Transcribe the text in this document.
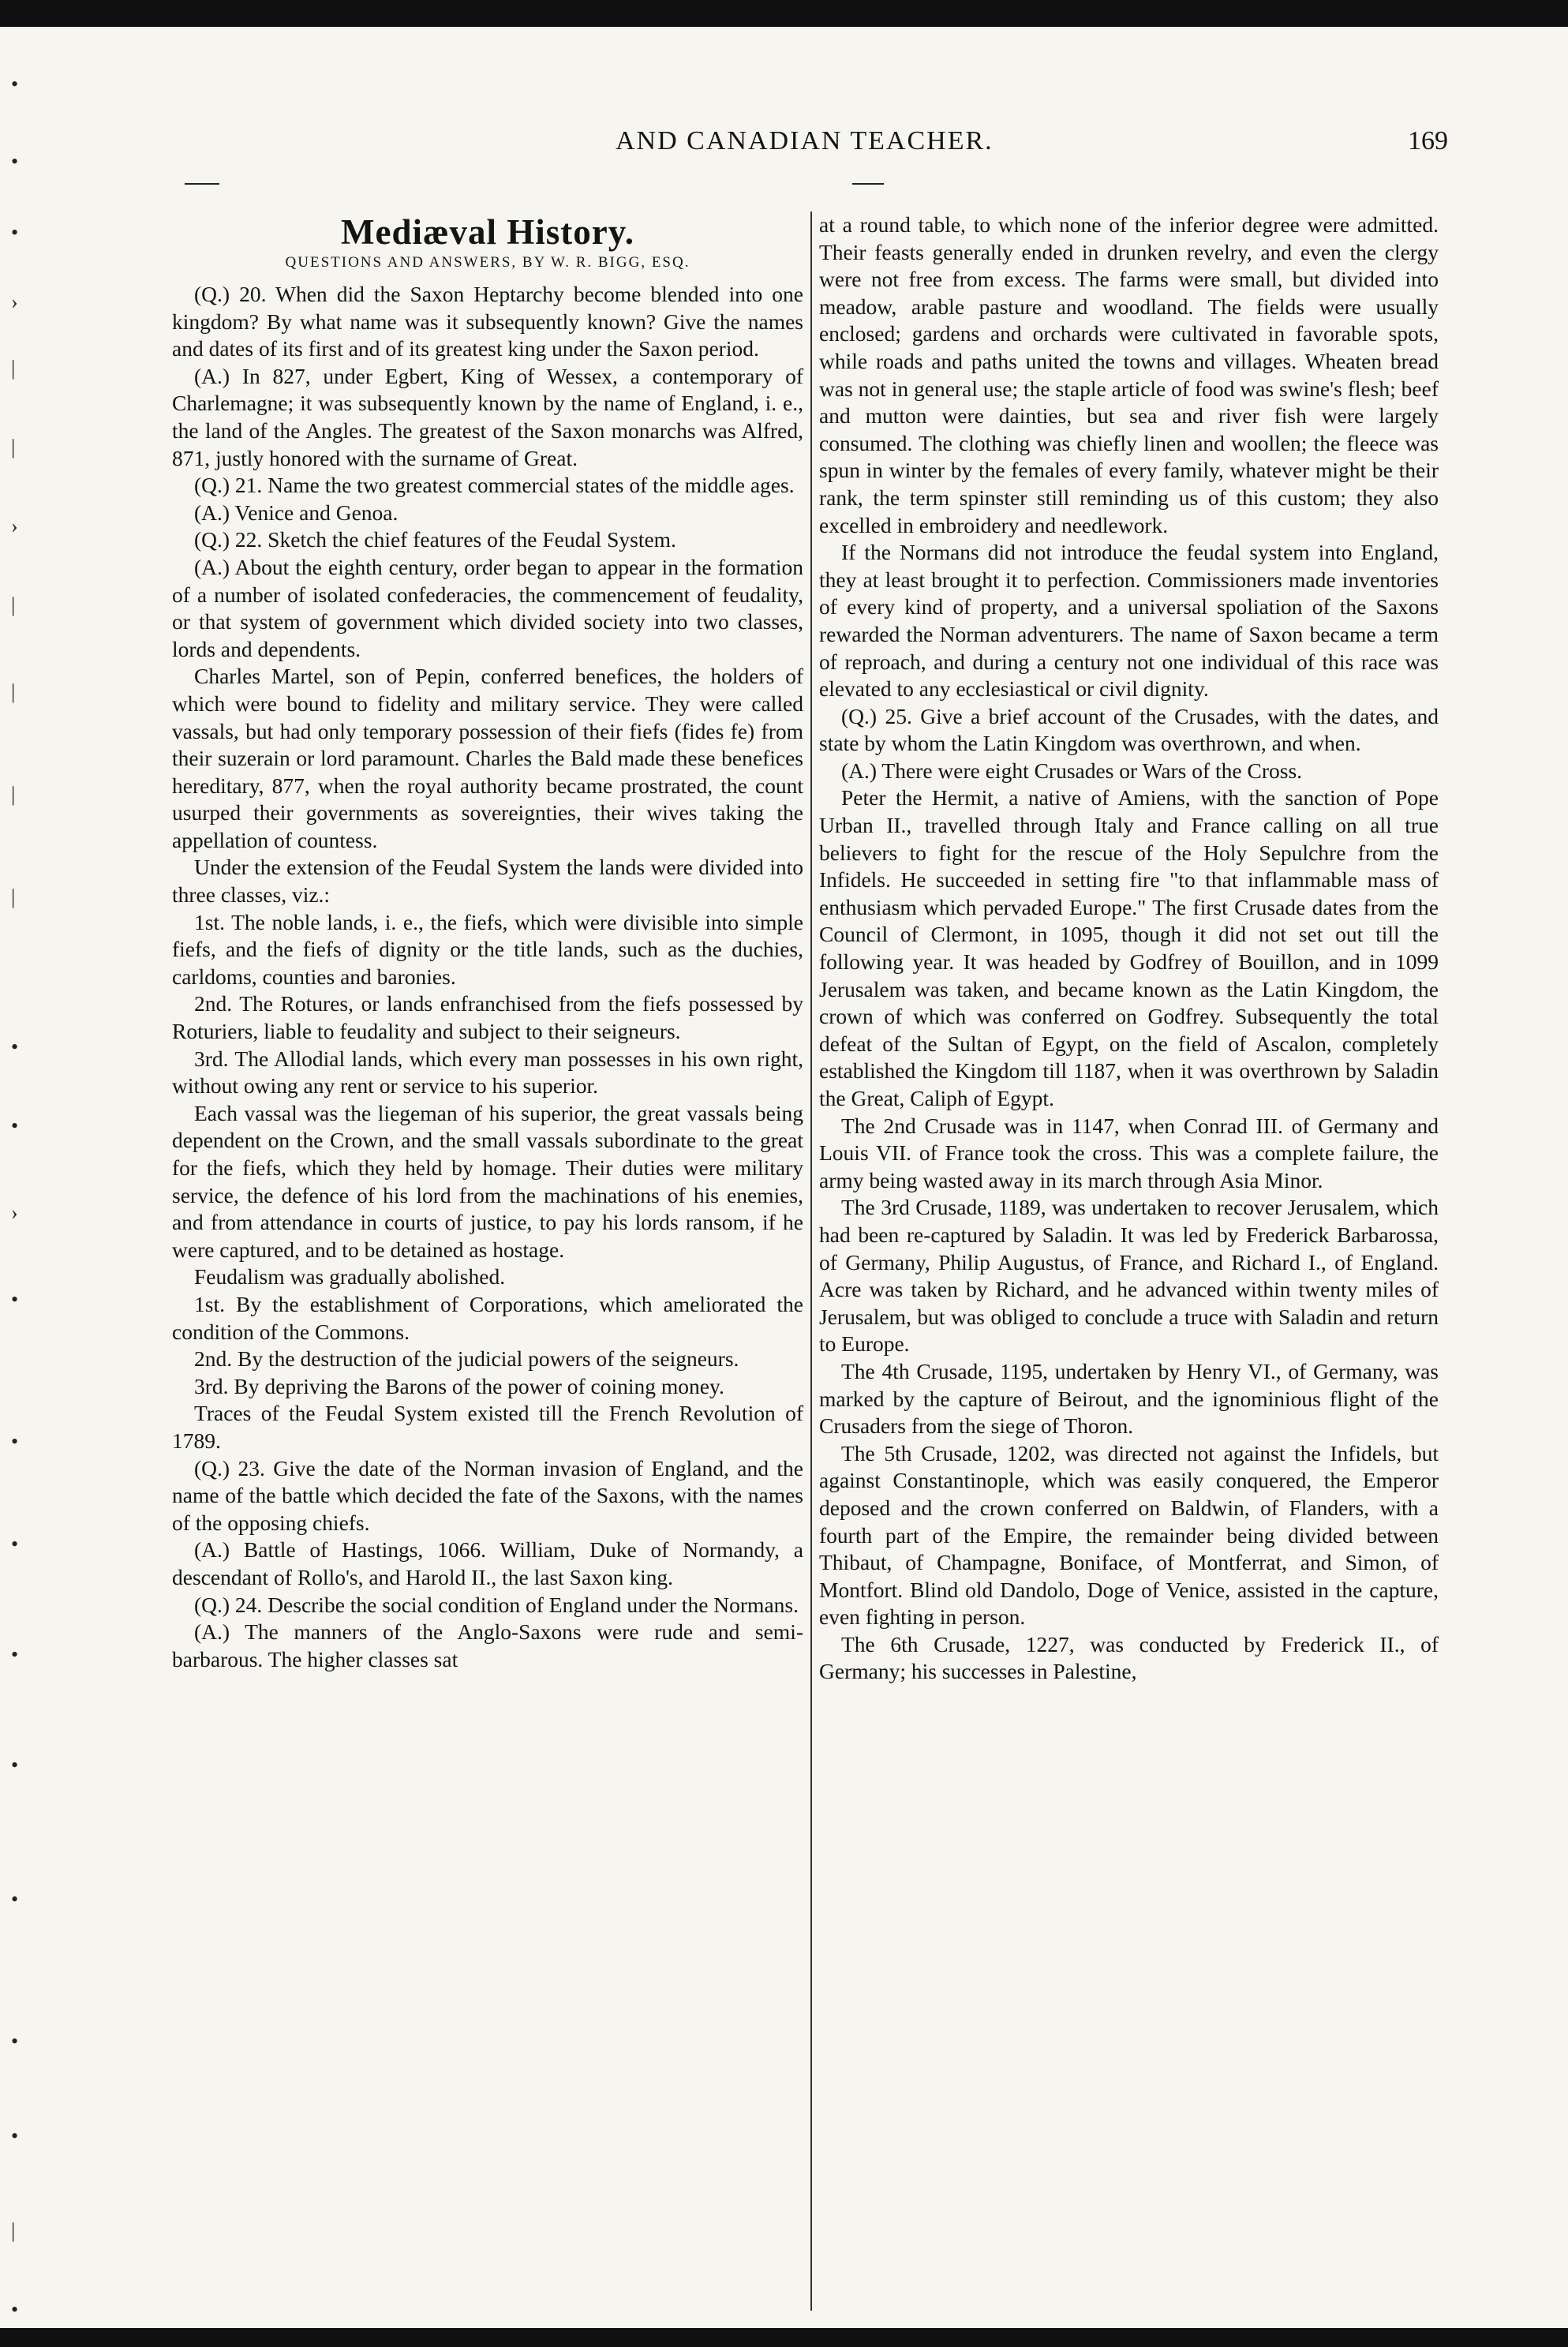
•
•
•
›
|
|
›
|
|
|
|
•
•
›
•
•
•
•
•
•
•
•
|
•
AND CANADIAN TEACHER.	169
Mediæval History.
QUESTIONS AND ANSWERS, BY W. R. BIGG, ESQ.

(Q.) 20. When did the Saxon Heptarchy become blended into one kingdom? By what name was it subsequently known? Give the names and dates of its first and of its greatest king under the Saxon period.

(A.) In 827, under Egbert, King of Wessex, a contemporary of Charlemagne; it was subsequently known by the name of England, i. e., the land of the Angles. The greatest of the Saxon monarchs was Alfred, 871, justly honored with the surname of Great.

(Q.) 21. Name the two greatest commercial states of the middle ages.

(A.) Venice and Genoa.

(Q.) 22. Sketch the chief features of the Feudal System.

(A.) About the eighth century, order began to appear in the formation of a number of isolated confederacies, the commencement of feudality, or that system of government which divided society into two classes, lords and dependents.

Charles Martel, son of Pepin, conferred benefices, the holders of which were bound to fidelity and military service. They were called vassals, but had only temporary possession of their fiefs (fides fe) from their suzerain or lord paramount. Charles the Bald made these benefices hereditary, 877, when the royal authority became prostrated, the count usurped their governments as sovereignties, their wives taking the appellation of countess.

Under the extension of the Feudal System the lands were divided into three classes, viz.:

1st. The noble lands, i. e., the fiefs, which were divisible into simple fiefs, and the fiefs of dignity or the title lands, such as the duchies, carldoms, counties and baronies.

2nd. The Rotures, or lands enfranchised from the fiefs possessed by Roturiers, liable to feudality and subject to their seigneurs.

3rd. The Allodial lands, which every man possesses in his own right, without owing any rent or service to his superior.

Each vassal was the liegeman of his superior, the great vassals being dependent on the Crown, and the small vassals subordinate to the great for the fiefs, which they held by homage. Their duties were military service, the defence of his lord from the machinations of his enemies, and from attendance in courts of justice, to pay his lords ransom, if he were captured, and to be detained as hostage.

Feudalism was gradually abolished.

1st. By the establishment of Corporations, which ameliorated the condition of the Commons.

2nd. By the destruction of the judicial powers of the seigneurs.

3rd. By depriving the Barons of the power of coining money.

Traces of the Feudal System existed till the French Revolution of 1789.

(Q.) 23. Give the date of the Norman invasion of England, and the name of the battle which decided the fate of the Saxons, with the names of the opposing chiefs.

(A.) Battle of Hastings, 1066. William, Duke of Normandy, a descendant of Rollo's, and Harold II., the last Saxon king.

(Q.) 24. Describe the social condition of England under the Normans.

(A.) The manners of the Anglo-Saxons were rude and semi-barbarous. The higher classes sat

at a round table, to which none of the inferior degree were admitted. Their feasts generally ended in drunken revelry, and even the clergy were not free from excess. The farms were small, but divided into meadow, arable pasture and woodland. The fields were usually enclosed; gardens and orchards were cultivated in favorable spots, while roads and paths united the towns and villages. Wheaten bread was not in general use; the staple article of food was swine's flesh; beef and mutton were dainties, but sea and river fish were largely consumed. The clothing was chiefly linen and woollen; the fleece was spun in winter by the females of every family, whatever might be their rank, the term spinster still reminding us of this custom; they also excelled in embroidery and needlework.

If the Normans did not introduce the feudal system into England, they at least brought it to perfection. Commissioners made inventories of every kind of property, and a universal spoliation of the Saxons rewarded the Norman adventurers. The name of Saxon became a term of reproach, and during a century not one individual of this race was elevated to any ecclesiastical or civil dignity.

(Q.) 25. Give a brief account of the Crusades, with the dates, and state by whom the Latin Kingdom was overthrown, and when.

(A.) There were eight Crusades or Wars of the Cross.

Peter the Hermit, a native of Amiens, with the sanction of Pope Urban II., travelled through Italy and France calling on all true believers to fight for the rescue of the Holy Sepulchre from the Infidels. He succeeded in setting fire "to that inflammable mass of enthusiasm which pervaded Europe." The first Crusade dates from the Council of Clermont, in 1095, though it did not set out till the following year. It was headed by Godfrey of Bouillon, and in 1099 Jerusalem was taken, and became known as the Latin Kingdom, the crown of which was conferred on Godfrey. Subsequently the total defeat of the Sultan of Egypt, on the field of Ascalon, completely established the Kingdom till 1187, when it was overthrown by Saladin the Great, Caliph of Egypt.

The 2nd Crusade was in 1147, when Conrad III. of Germany and Louis VII. of France took the cross. This was a complete failure, the army being wasted away in its march through Asia Minor.

The 3rd Crusade, 1189, was undertaken to recover Jerusalem, which had been re-captured by Saladin. It was led by Frederick Barbarossa, of Germany, Philip Augustus, of France, and Richard I., of England. Acre was taken by Richard, and he advanced within twenty miles of Jerusalem, but was obliged to conclude a truce with Saladin and return to Europe.

The 4th Crusade, 1195, undertaken by Henry VI., of Germany, was marked by the capture of Beirout, and the ignominious flight of the Crusaders from the siege of Thoron.

The 5th Crusade, 1202, was directed not against the Infidels, but against Constantinople, which was easily conquered, the Emperor deposed and the crown conferred on Baldwin, of Flanders, with a fourth part of the Empire, the remainder being divided between Thibaut, of Champagne, Boniface, of Montferrat, and Simon, of Montfort. Blind old Dandolo, Doge of Venice, assisted in the capture, even fighting in person.

The 6th Crusade, 1227, was conducted by Frederick II., of Germany; his successes in Palestine,
